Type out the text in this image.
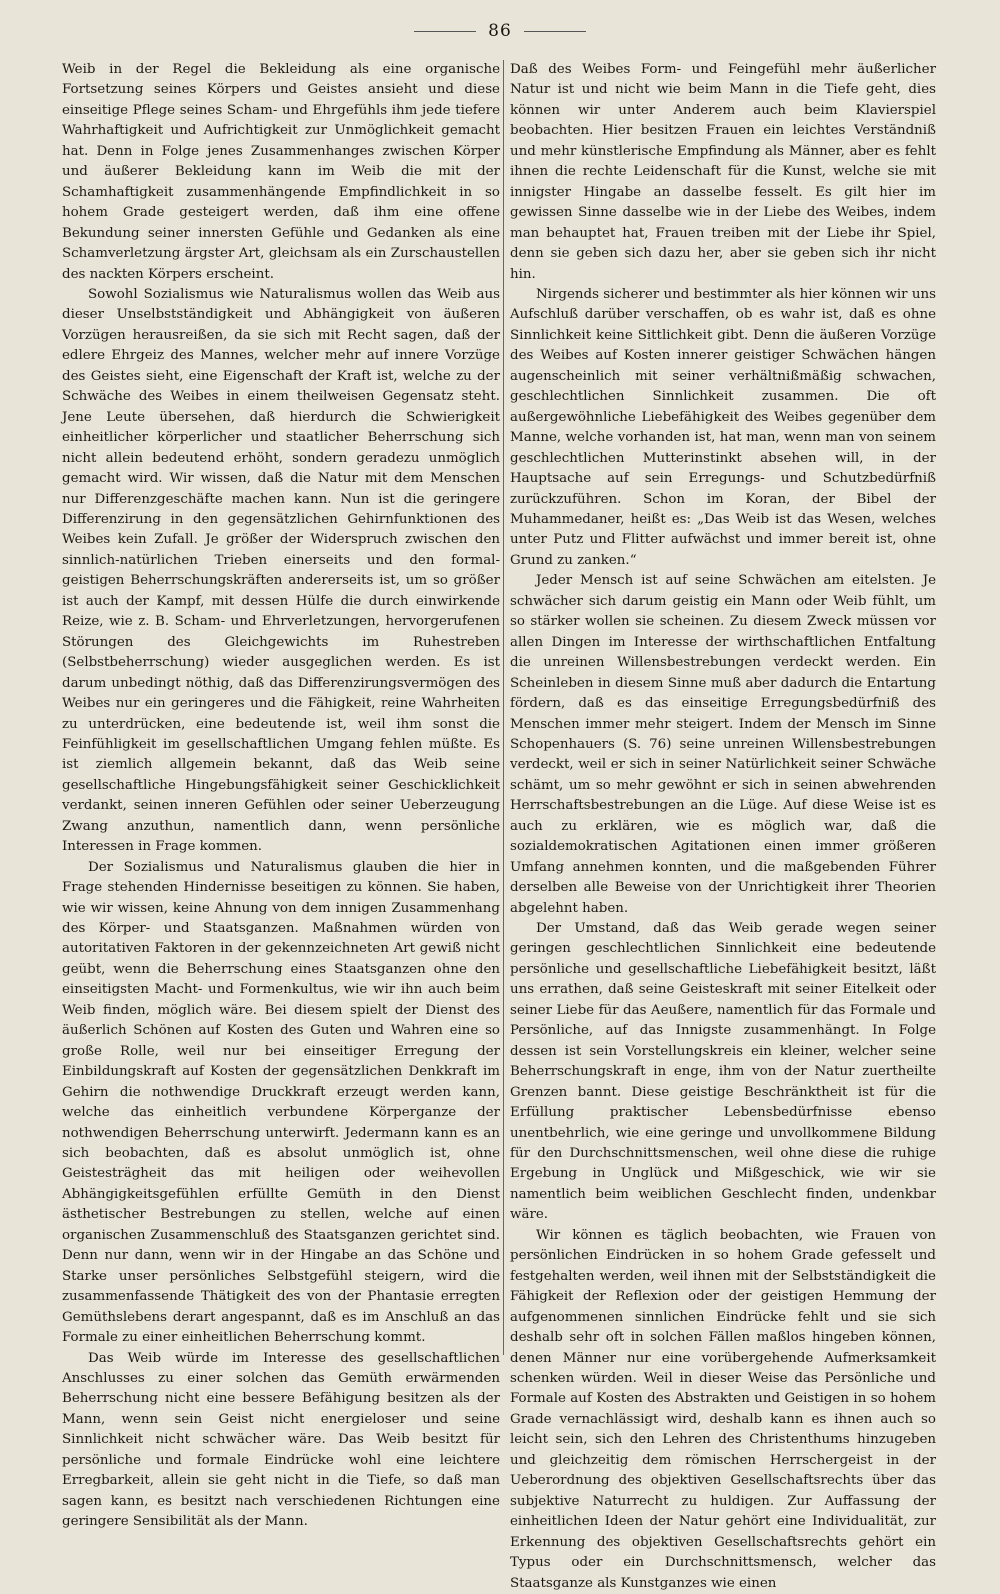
86

Weib in der Regel die Bekleidung als eine organische Fortsetzung seines Körpers und Geistes ansieht und diese einseitige Pflege seines Scham- und Ehrgefühls ihm jede tiefere Wahrhaftigkeit und Aufrichtigkeit zur Unmöglichkeit gemacht hat. Denn in Folge jenes Zusammenhanges zwischen Körper und äußerer Bekleidung kann im Weib die mit der Schamhaftigkeit zusammenhängende Empfindlichkeit in so hohem Grade gesteigert werden, daß ihm eine offene Bekundung seiner innersten Gefühle und Gedanken als eine Schamverletzung ärgster Art, gleichsam als ein Zurschaustellen des nackten Körpers erscheint.

Sowohl Sozialismus wie Naturalismus wollen das Weib aus dieser Unselbstständigkeit und Abhängigkeit von äußeren Vorzügen herausreißen, da sie sich mit Recht sagen, daß der edlere Ehrgeiz des Mannes, welcher mehr auf innere Vorzüge des Geistes sieht, eine Eigenschaft der Kraft ist, welche zu der Schwäche des Weibes in einem theilweisen Gegensatz steht. Jene Leute übersehen, daß hierdurch die Schwierigkeit einheitlicher körperlicher und staatlicher Beherrschung sich nicht allein bedeutend erhöht, sondern geradezu unmöglich gemacht wird. Wir wissen, daß die Natur mit dem Menschen nur Differenzgeschäfte machen kann. Nun ist die geringere Differenzirung in den gegensätzlichen Gehirnfunktionen des Weibes kein Zufall. Je größer der Widerspruch zwischen den sinnlich-natürlichen Trieben einerseits und den formal-geistigen Beherrschungskräften andererseits ist, um so größer ist auch der Kampf, mit dessen Hülfe die durch einwirkende Reize, wie z. B. Scham- und Ehrverletzungen, hervorgerufenen Störungen des Gleichgewichts im Ruhestreben (Selbstbeherrschung) wieder ausgeglichen werden. Es ist darum unbedingt nöthig, daß das Differenzirungsvermögen des Weibes nur ein geringeres und die Fähigkeit, reine Wahrheiten zu unterdrücken, eine bedeutende ist, weil ihm sonst die Feinfühligkeit im gesellschaftlichen Umgang fehlen müßte. Es ist ziemlich allgemein bekannt, daß das Weib seine gesellschaftliche Hingebungsfähigkeit seiner Geschicklichkeit verdankt, seinen inneren Gefühlen oder seiner Ueberzeugung Zwang anzuthun, namentlich dann, wenn persönliche Interessen in Frage kommen.

Der Sozialismus und Naturalismus glauben die hier in Frage stehenden Hindernisse beseitigen zu können. Sie haben, wie wir wissen, keine Ahnung von dem innigen Zusammenhang des Körper- und Staatsganzen. Maßnahmen würden von autoritativen Faktoren in der gekennzeichneten Art gewiß nicht geübt, wenn die Beherrschung eines Staatsganzen ohne den einseitigsten Macht- und Formenkultus, wie wir ihn auch beim Weib finden, möglich wäre. Bei diesem spielt der Dienst des äußerlich Schönen auf Kosten des Guten und Wahren eine so große Rolle, weil nur bei einseitiger Erregung der Einbildungskraft auf Kosten der gegensätzlichen Denkkraft im Gehirn die nothwendige Druckkraft erzeugt werden kann, welche das einheitlich verbundene Körperganze der nothwendigen Beherrschung unterwirft. Jedermann kann es an sich beobachten, daß es absolut unmöglich ist, ohne Geistesträgheit das mit heiligen oder weihevollen Abhängigkeitsgefühlen erfüllte Gemüth in den Dienst ästhetischer Bestrebungen zu stellen, welche auf einen organischen Zusammenschluß des Staatsganzen gerichtet sind. Denn nur dann, wenn wir in der Hingabe an das Schöne und Starke unser persönliches Selbstgefühl steigern, wird die zusammenfassende Thätigkeit des von der Phantasie erregten Gemüthslebens derart angespannt, daß es im Anschluß an das Formale zu einer einheitlichen Beherrschung kommt.

Das Weib würde im Interesse des gesellschaftlichen Anschlusses zu einer solchen das Gemüth erwärmenden Beherrschung nicht eine bessere Befähigung besitzen als der Mann, wenn sein Geist nicht energieloser und seine Sinnlichkeit nicht schwächer wäre. Das Weib besitzt für persönliche und formale Eindrücke wohl eine leichtere Erregbarkeit, allein sie geht nicht in die Tiefe, so daß man sagen kann, es besitzt nach verschiedenen Richtungen eine geringere Sensibilität als der Mann.

Daß des Weibes Form- und Feingefühl mehr äußerlicher Natur ist und nicht wie beim Mann in die Tiefe geht, dies können wir unter Anderem auch beim Klavierspiel beobachten. Hier besitzen Frauen ein leichtes Verständniß und mehr künstlerische Empfindung als Männer, aber es fehlt ihnen die rechte Leidenschaft für die Kunst, welche sie mit innigster Hingabe an dasselbe fesselt. Es gilt hier im gewissen Sinne dasselbe wie in der Liebe des Weibes, indem man behauptet hat, Frauen treiben mit der Liebe ihr Spiel, denn sie geben sich dazu her, aber sie geben sich ihr nicht hin.

Nirgends sicherer und bestimmter als hier können wir uns Aufschluß darüber verschaffen, ob es wahr ist, daß es ohne Sinnlichkeit keine Sittlichkeit gibt. Denn die äußeren Vorzüge des Weibes auf Kosten innerer geistiger Schwächen hängen augenscheinlich mit seiner verhältnißmäßig schwachen, geschlechtlichen Sinnlichkeit zusammen. Die oft außergewöhnliche Liebefähigkeit des Weibes gegenüber dem Manne, welche vorhanden ist, hat man, wenn man von seinem geschlechtlichen Mutterinstinkt absehen will, in der Hauptsache auf sein Erregungs- und Schutzbedürfniß zurückzuführen. Schon im Koran, der Bibel der Muhammedaner, heißt es: „Das Weib ist das Wesen, welches unter Putz und Flitter aufwächst und immer bereit ist, ohne Grund zu zanken.“

Jeder Mensch ist auf seine Schwächen am eitelsten. Je schwächer sich darum geistig ein Mann oder Weib fühlt, um so stärker wollen sie scheinen. Zu diesem Zweck müssen vor allen Dingen im Interesse der wirthschaftlichen Entfaltung die unreinen Willensbestrebungen verdeckt werden. Ein Scheinleben in diesem Sinne muß aber dadurch die Entartung fördern, daß es das einseitige Erregungsbedürfniß des Menschen immer mehr steigert. Indem der Mensch im Sinne Schopenhauers (S. 76) seine unreinen Willensbestrebungen verdeckt, weil er sich in seiner Natürlichkeit seiner Schwäche schämt, um so mehr gewöhnt er sich in seinen abwehrenden Herrschaftsbestrebungen an die Lüge. Auf diese Weise ist es auch zu erklären, wie es möglich war, daß die sozialdemokratischen Agitationen einen immer größeren Umfang annehmen konnten, und die maßgebenden Führer derselben alle Beweise von der Unrichtigkeit ihrer Theorien abgelehnt haben.

Der Umstand, daß das Weib gerade wegen seiner geringen geschlechtlichen Sinnlichkeit eine bedeutende persönliche und gesellschaftliche Liebefähigkeit besitzt, läßt uns errathen, daß seine Geisteskraft mit seiner Eitelkeit oder seiner Liebe für das Aeußere, namentlich für das Formale und Persönliche, auf das Innigste zusammenhängt. In Folge dessen ist sein Vorstellungskreis ein kleiner, welcher seine Beherrschungskraft in enge, ihm von der Natur zuertheilte Grenzen bannt. Diese geistige Beschränktheit ist für die Erfüllung praktischer Lebensbedürfnisse ebenso unentbehrlich, wie eine geringe und unvollkommene Bildung für den Durchschnittsmenschen, weil ohne diese die ruhige Ergebung in Unglück und Mißgeschick, wie wir sie namentlich beim weiblichen Geschlecht finden, undenkbar wäre.

Wir können es täglich beobachten, wie Frauen von persönlichen Eindrücken in so hohem Grade gefesselt und festgehalten werden, weil ihnen mit der Selbstständigkeit die Fähigkeit der Reflexion oder der geistigen Hemmung der aufgenommenen sinnlichen Eindrücke fehlt und sie sich deshalb sehr oft in solchen Fällen maßlos hingeben können, denen Männer nur eine vorübergehende Aufmerksamkeit schenken würden. Weil in dieser Weise das Persönliche und Formale auf Kosten des Abstrakten und Geistigen in so hohem Grade vernachlässigt wird, deshalb kann es ihnen auch so leicht sein, sich den Lehren des Christenthums hinzugeben und gleichzeitig dem römischen Herrschergeist in der Ueberordnung des objektiven Gesellschaftsrechts über das subjektive Naturrecht zu huldigen. Zur Auffassung der einheitlichen Ideen der Natur gehört eine Individualität, zur Erkennung des objektiven Gesellschaftsrechts gehört ein Typus oder ein Durchschnittsmensch, welcher das Staatsganze als Kunstganzes wie einen
